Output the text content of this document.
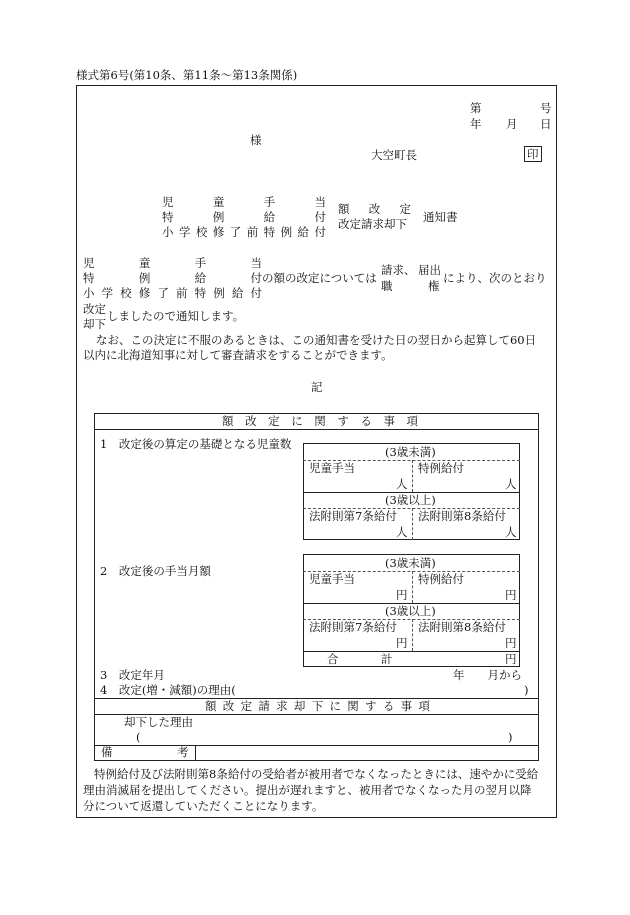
様式第6号(第10条、第11条〜第13条関係)
第	号
年 月 日
様
大空町長	印
児	童	手	当
特	例	給	付
小 学 校 修 了 前 特 例 給 付
額 改 定
改定請求却下 通知書
児	童	手	当
特	例	給	付
小 学 校 修 了 前 特 例 給 付
の額の改定については
請求、
職
届出
権
により、次のとおり
改定
却下
しましたので通知します。
なお、この決定に不服のあるときは、この通知書を受けた日の翌日から起算して60日
以内に北海道知事に対して審査請求をすることができます。
記
額 改 定 に 関 す る 事 項
1　改定後の算定の基礎となる児童数
(3歳未満)
児童手当	特例給付
人	人
(3歳以上)
法附則第7条給付 法附則第8条給付
人	人
2　改定後の手当月額
(3歳未満)
児童手当	特例給付
円	円
(3歳以上)
法附則第7条給付 法附則第8条給付
円	円
合	計	円
3　改定年月	年　　月から
4　改定(増・減額)の理由(	)
額 改 定 請 求 却 下 に 関 す る 事 項
却下した理由
(	)
備	考
特例給付及び法附則第8条給付の受給者が被用者でなくなったときには、速やかに受給
理由消滅届を提出してください。提出が遅れますと、被用者でなくなった月の翌月以降
分について返還していただくことになります。
